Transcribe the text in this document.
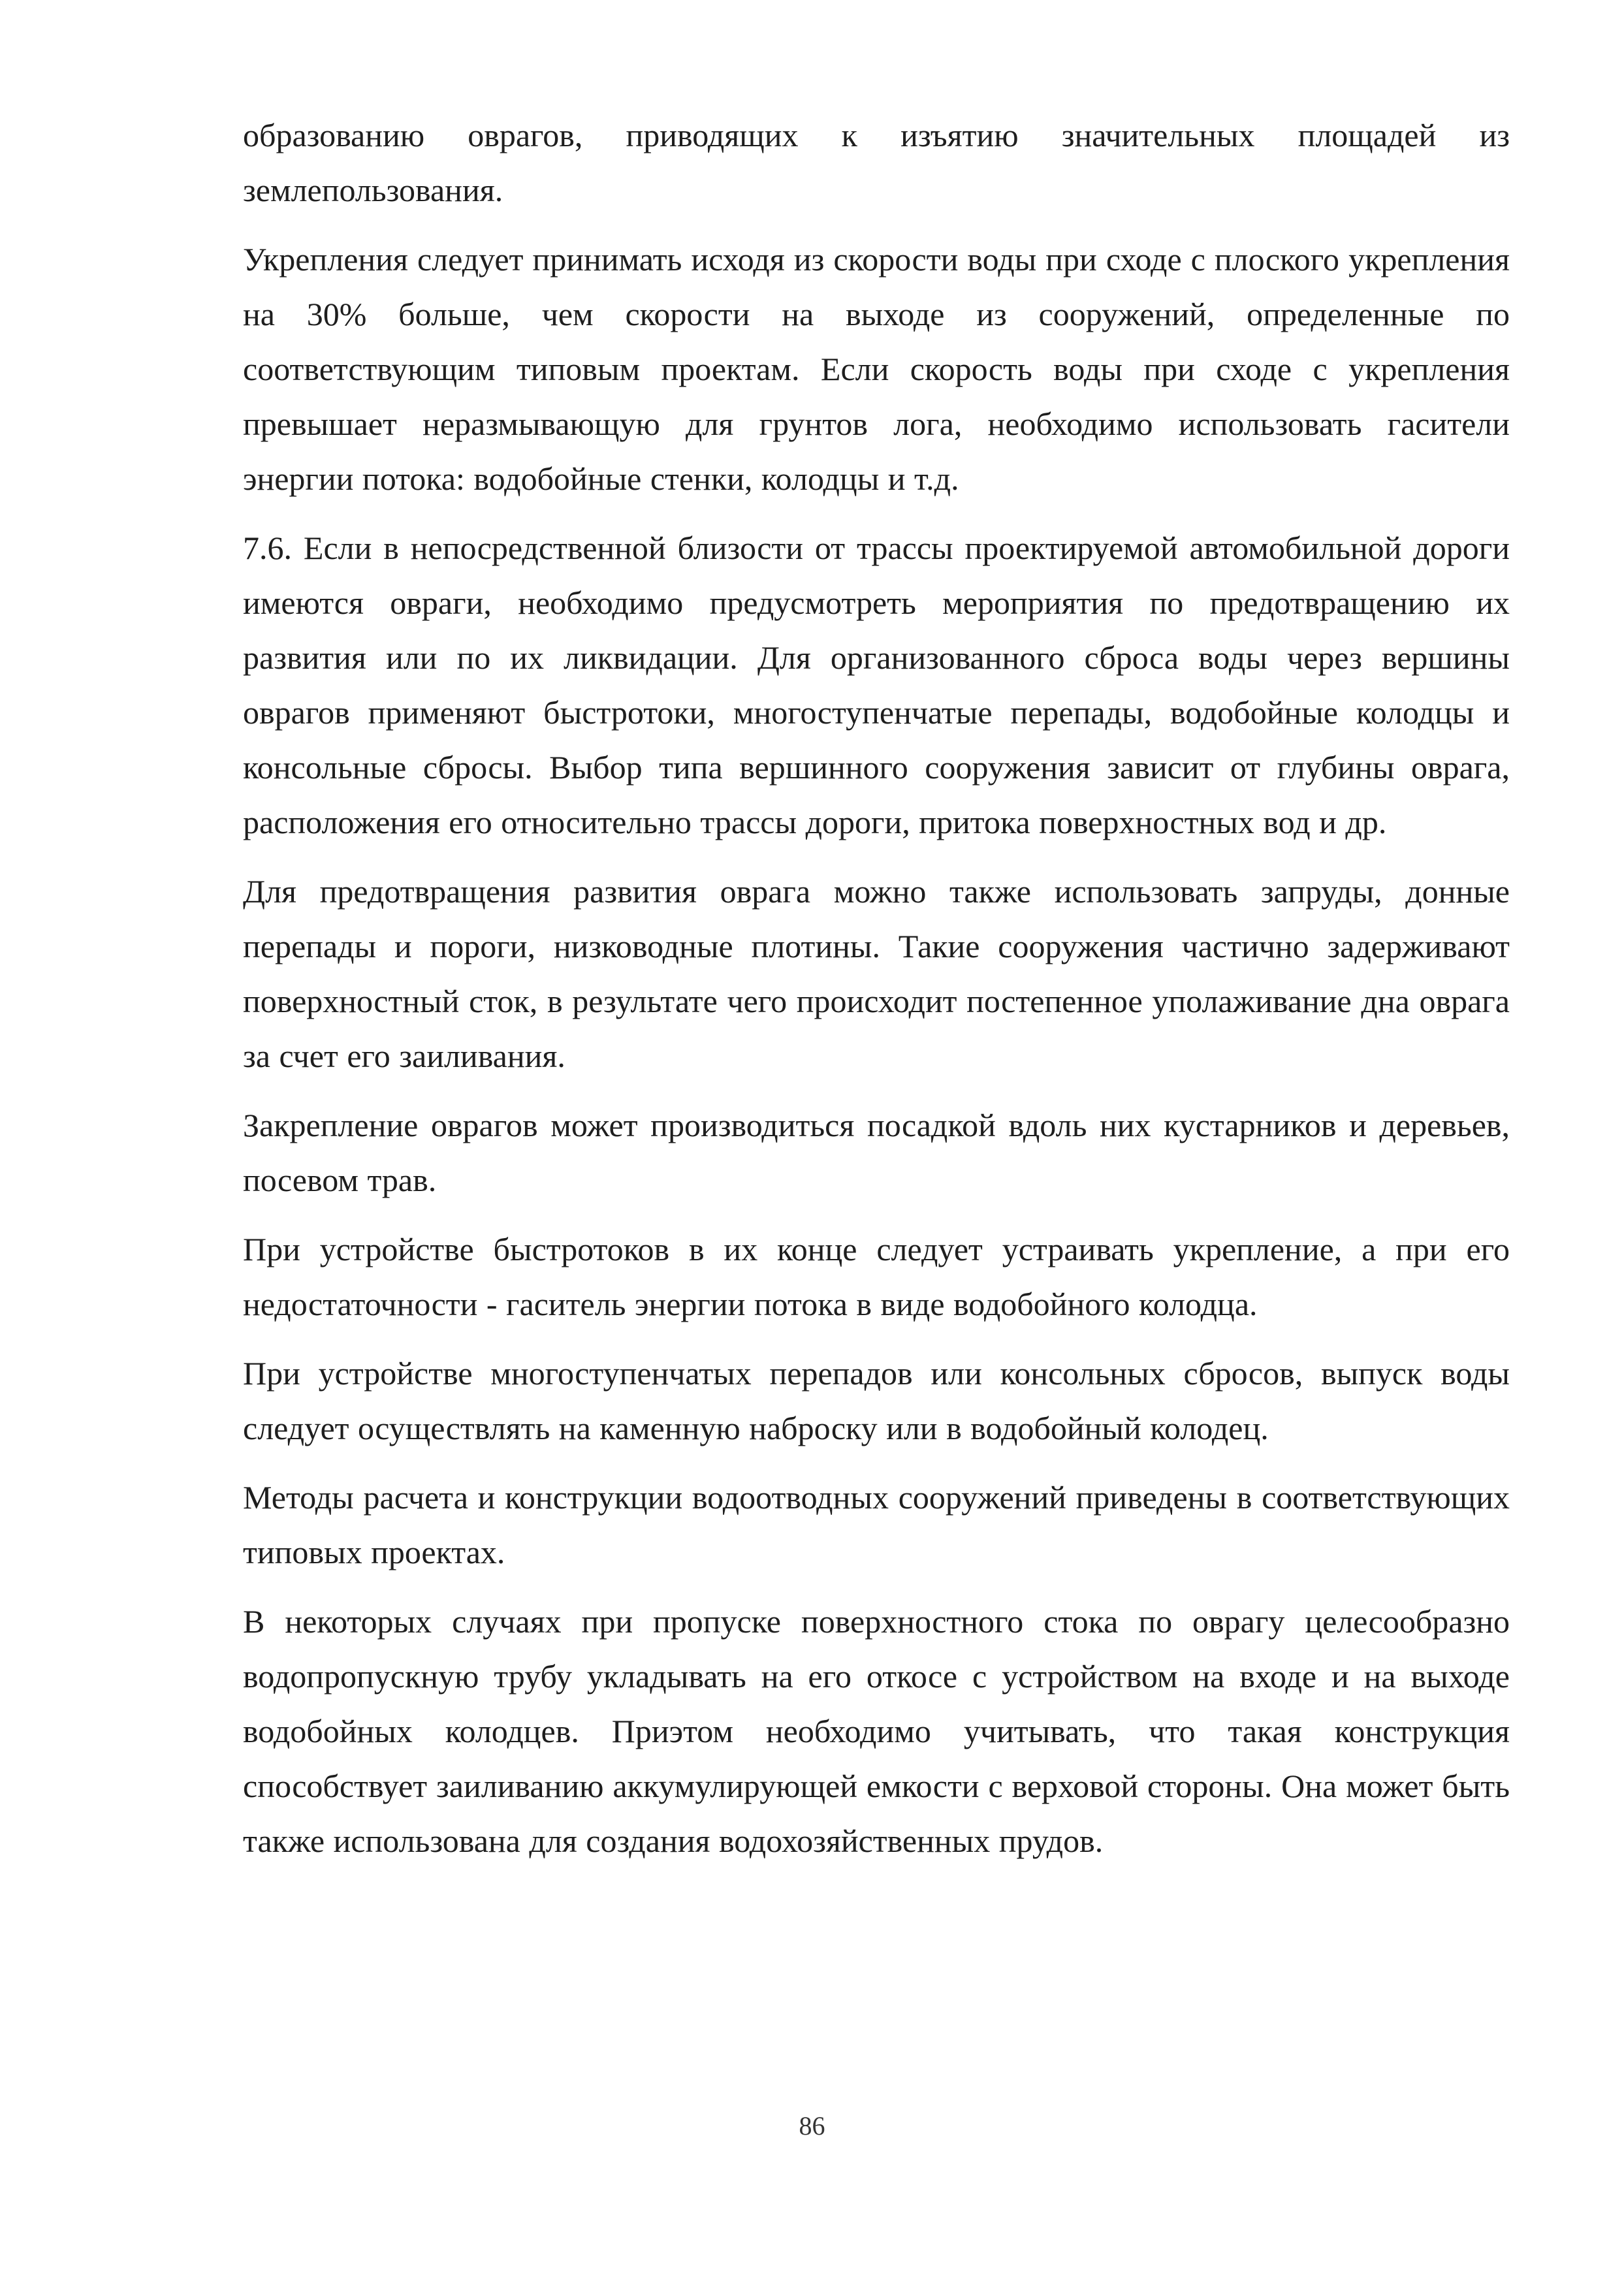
образованию оврагов, приводящих к изъятию значительных площадей из землепользования.

Укрепления следует принимать исходя из скорости воды при сходе с плоского укрепления на 30% больше, чем скорости на выходе из сооружений, определенные по соответствующим типовым проектам. Если скорость воды при сходе с укрепления превышает неразмывающую для грунтов лога, необходимо использовать гасители энергии потока: водобойные стенки, колодцы и т.д.

7.6. Если в непосредственной близости от трассы проектируемой автомобильной дороги имеются овраги, необходимо предусмотреть мероприятия по предотвращению их развития или по их ликвидации. Для организованного сброса воды через вершины оврагов применяют быстротоки, многоступенчатые перепады, водобойные колодцы и консольные сбросы. Выбор типа вершинного сооружения зависит от глубины оврага, расположения его относительно трассы дороги, притока поверхностных вод и др.

Для предотвращения развития оврага можно также использовать запруды, донные перепады и пороги, низководные плотины. Такие сооружения частично задерживают поверхностный сток, в результате чего происходит постепенное уполаживание дна оврага за счет его заиливания.

Закрепление оврагов может производиться посадкой вдоль них кустарников и деревьев, посевом трав.

При устройстве быстротоков в их конце следует устраивать укрепление, а при его недостаточности - гаситель энергии потока в виде водобойного колодца.

При устройстве многоступенчатых перепадов или консольных сбросов, выпуск воды следует осуществлять на каменную наброску или в водобойный колодец.

Методы расчета и конструкции водоотводных сооружений приведены в соответствующих типовых проектах.

В некоторых случаях при пропуске поверхностного стока по оврагу целесообразно водопропускную трубу укладывать на его откосе с устройством на входе и на выходе водобойных колодцев. Приэтом необходимо учитывать, что такая конструкция способствует заиливанию аккумулирующей емкости с верховой стороны. Она может быть также использована для создания водохозяйственных прудов.

86
